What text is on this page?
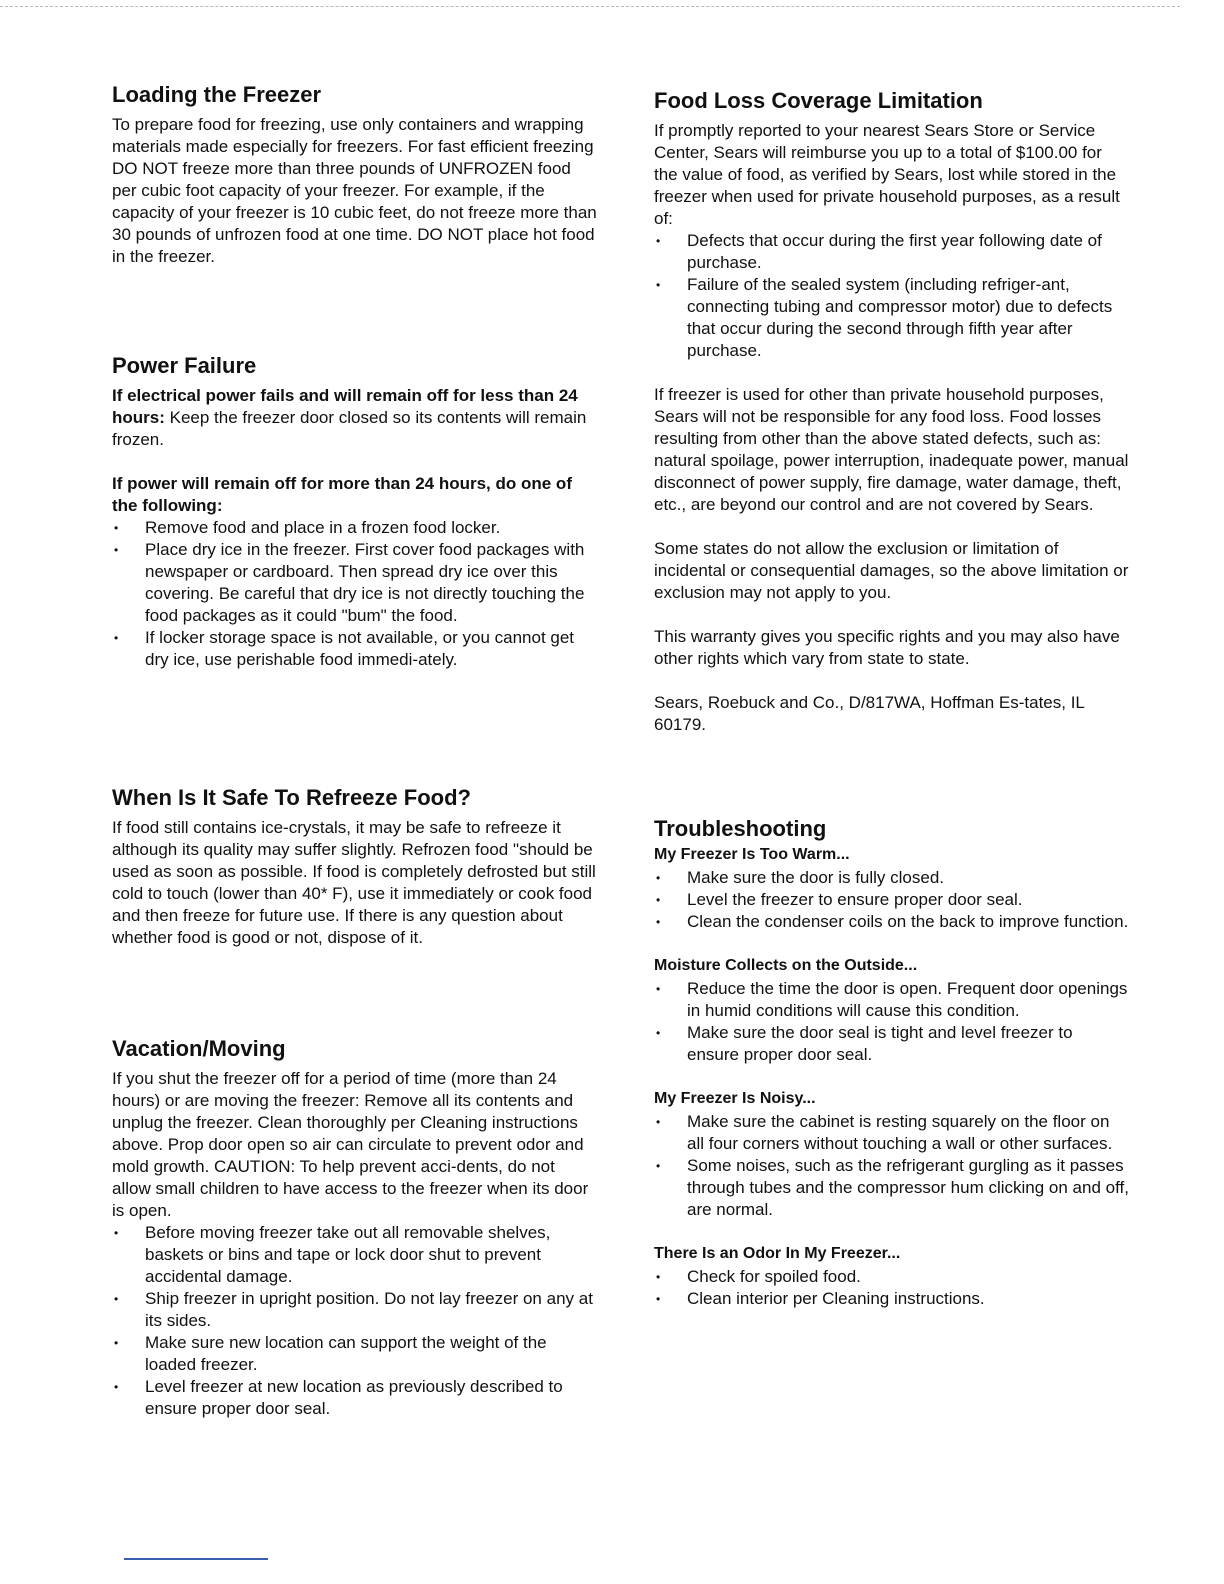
Loading the Freezer

To prepare food for freezing, use only containers and wrapping materials made especially for freezers. For fast efficient freezing DO NOT freeze more than three pounds of UNFROZEN food per cubic foot capacity of your freezer. For example, if the capacity of your freezer is 10 cubic feet, do not freeze more than 30 pounds of unfrozen food at one time. DO NOT place hot food in the freezer.

Power Failure

If electrical power fails and will remain off for less than 24 hours: Keep the freezer door closed so its contents will remain frozen.

If power will remain off for more than 24 hours, do one of the following:

• Remove food and place in a frozen food locker.
• Place dry ice in the freezer. First cover food packages with newspaper or cardboard. Then spread dry ice over this covering. Be careful that dry ice is not directly touching the food packages as it could "bum" the food.
• If locker storage space is not available, or you cannot get dry ice, use perishable food immedi-ately.
When Is It Safe To Refreeze Food?

If food still contains ice-crystals, it may be safe to refreeze it although its quality may suffer slightly. Refrozen food "should be used as soon as possible. If food is completely defrosted but still cold to touch (lower than 40* F), use it immediately or cook food and then freeze for future use. If there is any question about whether food is good or not, dispose of it.

Vacation/Moving

If you shut the freezer off for a period of time (more than 24 hours) or are moving the freezer: Remove all its contents and unplug the freezer. Clean thoroughly per Cleaning instructions above. Prop door open so air can circulate to prevent odor and mold growth. CAUTION: To help prevent acci-dents, do not allow small children to have access to the freezer when its door is open.

• Before moving freezer take out all removable shelves, baskets or bins and tape or lock door shut to prevent accidental damage.
• Ship freezer in upright position. Do not lay freezer on any at its sides.
• Make sure new location can support the weight of the loaded freezer.
• Level freezer at new location as previously described to ensure proper door seal.
Food Loss Coverage Limitation

If promptly reported to your nearest Sears Store or Service Center, Sears will reimburse you up to a total of $100.00 for the value of food, as verified by Sears, lost while stored in the freezer when used for private household purposes, as a result of:

• Defects that occur during the first year following date of purchase.
• Failure of the sealed system (including refriger-ant, connecting tubing and compressor motor) due to defects that occur during the second through fifth year after purchase.

If freezer is used for other than private household purposes, Sears will not be responsible for any food loss. Food losses resulting from other than the above stated defects, such as: natural spoilage, power interruption, inadequate power, manual disconnect of power supply, fire damage, water damage, theft, etc., are beyond our control and are not covered by Sears.

Some states do not allow the exclusion or limitation of incidental or consequential damages, so the above limitation or exclusion may not apply to you.

This warranty gives you specific rights and you may also have other rights which vary from state to state.

Sears, Roebuck and Co., D/817WA, Hoffman Es-tates, IL 60179.

Troubleshooting
My Freezer Is Too Warm...
• Make sure the door is fully closed.
• Level the freezer to ensure proper door seal.
• Clean the condenser coils on the back to improve function.
Moisture Collects on the Outside...
• Reduce the time the door is open. Frequent door openings in humid conditions will cause this condition.
• Make sure the door seal is tight and level freezer to ensure proper door seal.
My Freezer Is Noisy...
• Make sure the cabinet is resting squarely on the floor on all four corners without touching a wall or other surfaces.
• Some noises, such as the refrigerant gurgling as it passes through tubes and the compressor hum clicking on and off, are normal.
There Is an Odor In My Freezer...
• Check for spoiled food.
• Clean interior per Cleaning instructions.
